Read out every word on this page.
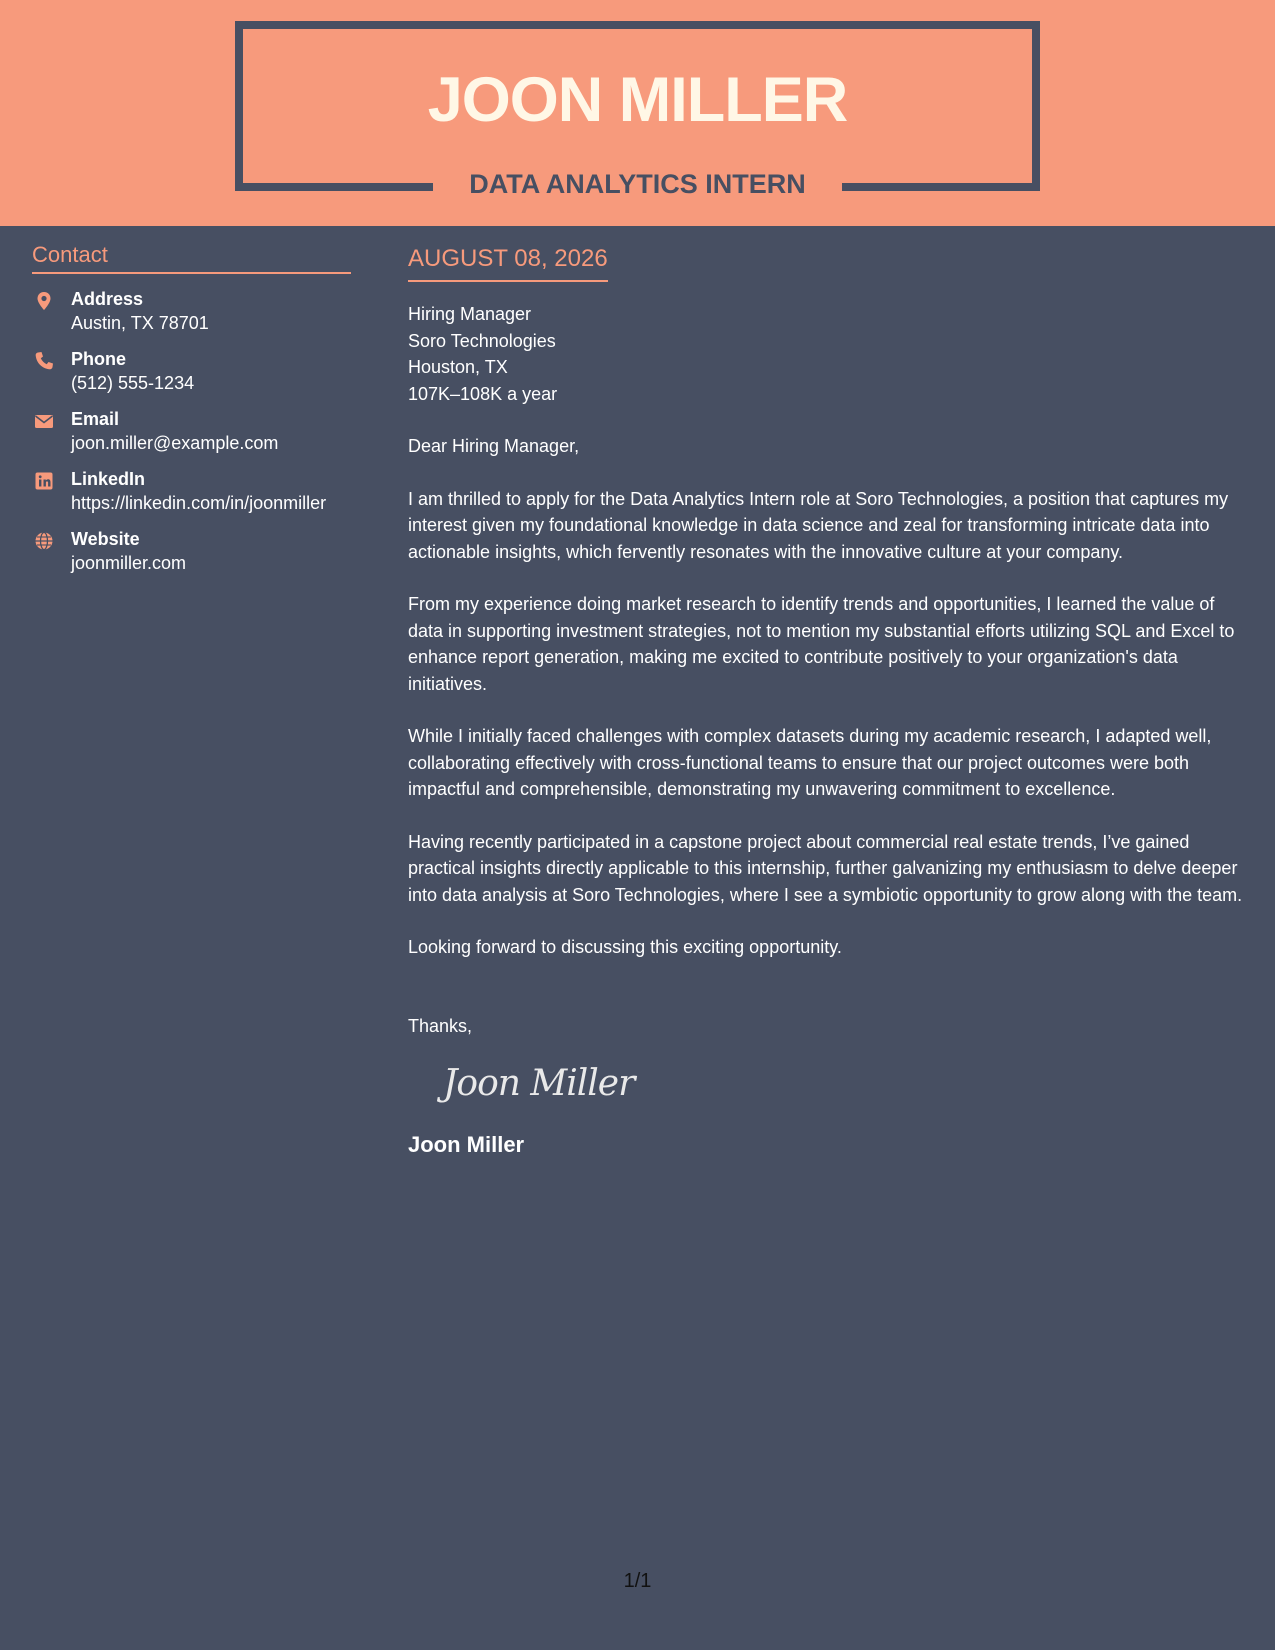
JOON MILLER
DATA ANALYTICS INTERN
Contact
Address
Austin, TX 78701
Phone
(512) 555-1234
Email
joon.miller@example.com
LinkedIn
https://linkedin.com/in/joonmiller
Website
joonmiller.com
AUGUST 08, 2026
Hiring Manager
Soro Technologies
Houston, TX
107K–108K a year
Dear Hiring Manager,
I am thrilled to apply for the Data Analytics Intern role at Soro Technologies, a position that captures my interest given my foundational knowledge in data science and zeal for transforming intricate data into actionable insights, which fervently resonates with the innovative culture at your company.
From my experience doing market research to identify trends and opportunities, I learned the value of data in supporting investment strategies, not to mention my substantial efforts utilizing SQL and Excel to enhance report generation, making me excited to contribute positively to your organization's data initiatives.
While I initially faced challenges with complex datasets during my academic research, I adapted well, collaborating effectively with cross-functional teams to ensure that our project outcomes were both impactful and comprehensible, demonstrating my unwavering commitment to excellence.
Having recently participated in a capstone project about commercial real estate trends, I’ve gained practical insights directly applicable to this internship, further galvanizing my enthusiasm to delve deeper into data analysis at Soro Technologies, where I see a symbiotic opportunity to grow along with the team.
Looking forward to discussing this exciting opportunity.
Thanks,
Joon Miller
Joon Miller
1/1
